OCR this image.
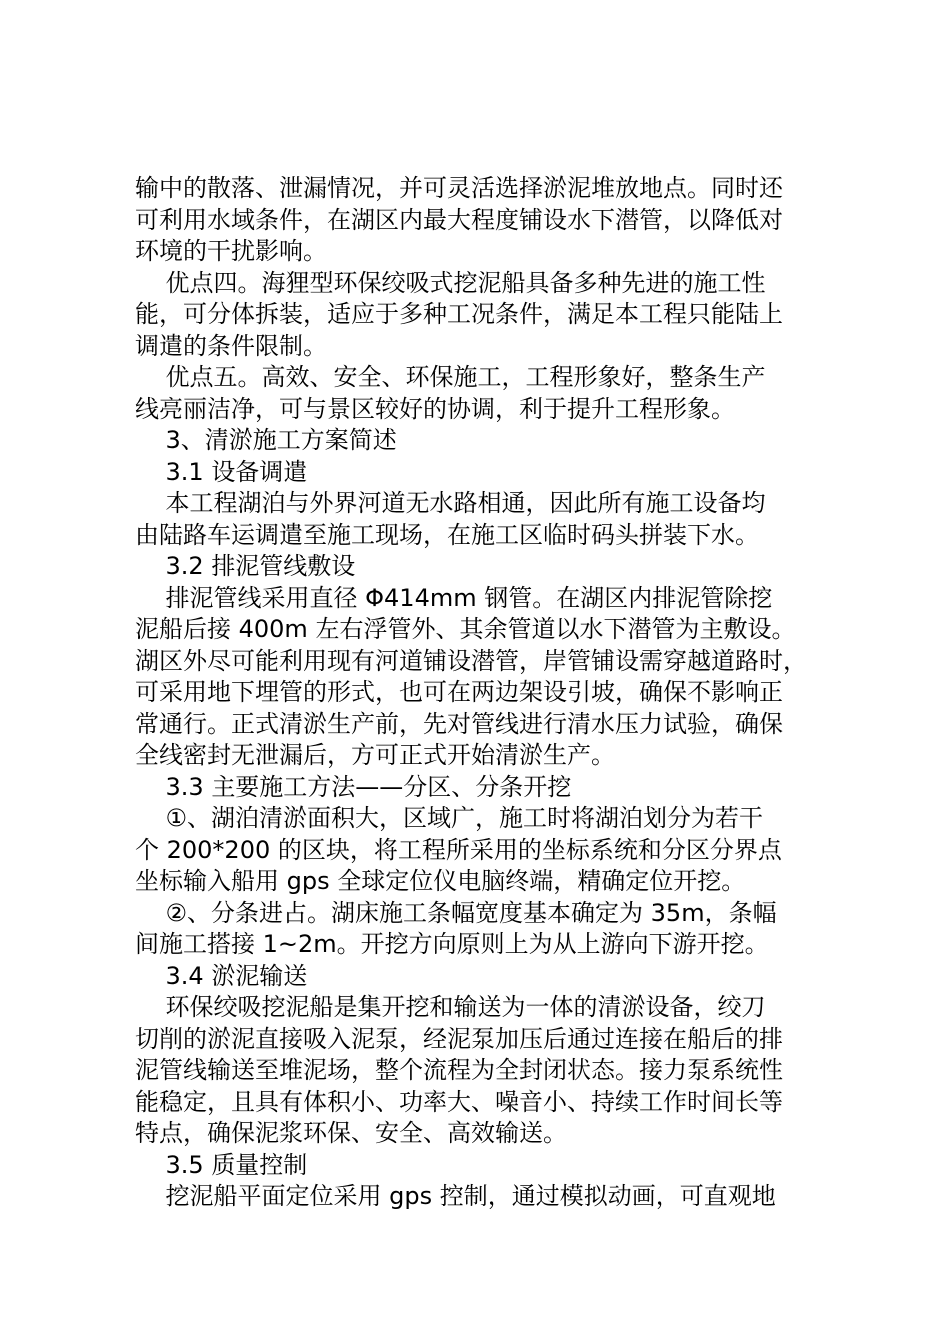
输中的散落、泄漏情况，并可灵活选择淤泥堆放地点。同时还
可利用水域条件，在湖区内最大程度铺设水下潜管，以降低对
环境的干扰影响。
优点四。海狸型环保绞吸式挖泥船具备多种先进的施工性
能，可分体拆装，适应于多种工况条件，满足本工程只能陆上
调遣的条件限制。
优点五。高效、安全、环保施工，工程形象好，整条生产
线亮丽洁净，可与景区较好的协调，利于提升工程形象。
3、清淤施工方案简述
3.1 设备调遣
本工程湖泊与外界河道无水路相通，因此所有施工设备均
由陆路车运调遣至施工现场，在施工区临时码头拼装下水。
3.2 排泥管线敷设
排泥管线采用直径 Φ414mm 钢管。在湖区内排泥管除挖
泥船后接 400m 左右浮管外、其余管道以水下潜管为主敷设。
湖区外尽可能利用现有河道铺设潜管，岸管铺设需穿越道路时，
可采用地下埋管的形式，也可在两边架设引坡，确保不影响正
常通行。正式清淤生产前，先对管线进行清水压力试验，确保
全线密封无泄漏后，方可正式开始清淤生产。
3.3 主要施工方法——分区、分条开挖
①、湖泊清淤面积大，区域广，施工时将湖泊划分为若干
个 200*200 的区块，将工程所采用的坐标系统和分区分界点
坐标输入船用 gps 全球定位仪电脑终端，精确定位开挖。
②、分条进占。湖床施工条幅宽度基本确定为 35m，条幅
间施工搭接 1~2m。开挖方向原则上为从上游向下游开挖。
3.4 淤泥输送
环保绞吸挖泥船是集开挖和输送为一体的清淤设备，绞刀
切削的淤泥直接吸入泥泵，经泥泵加压后通过连接在船后的排
泥管线输送至堆泥场，整个流程为全封闭状态。接力泵系统性
能稳定，且具有体积小、功率大、噪音小、持续工作时间长等
特点，确保泥浆环保、安全、高效输送。
3.5 质量控制
挖泥船平面定位采用 gps 控制，通过模拟动画，可直观地
